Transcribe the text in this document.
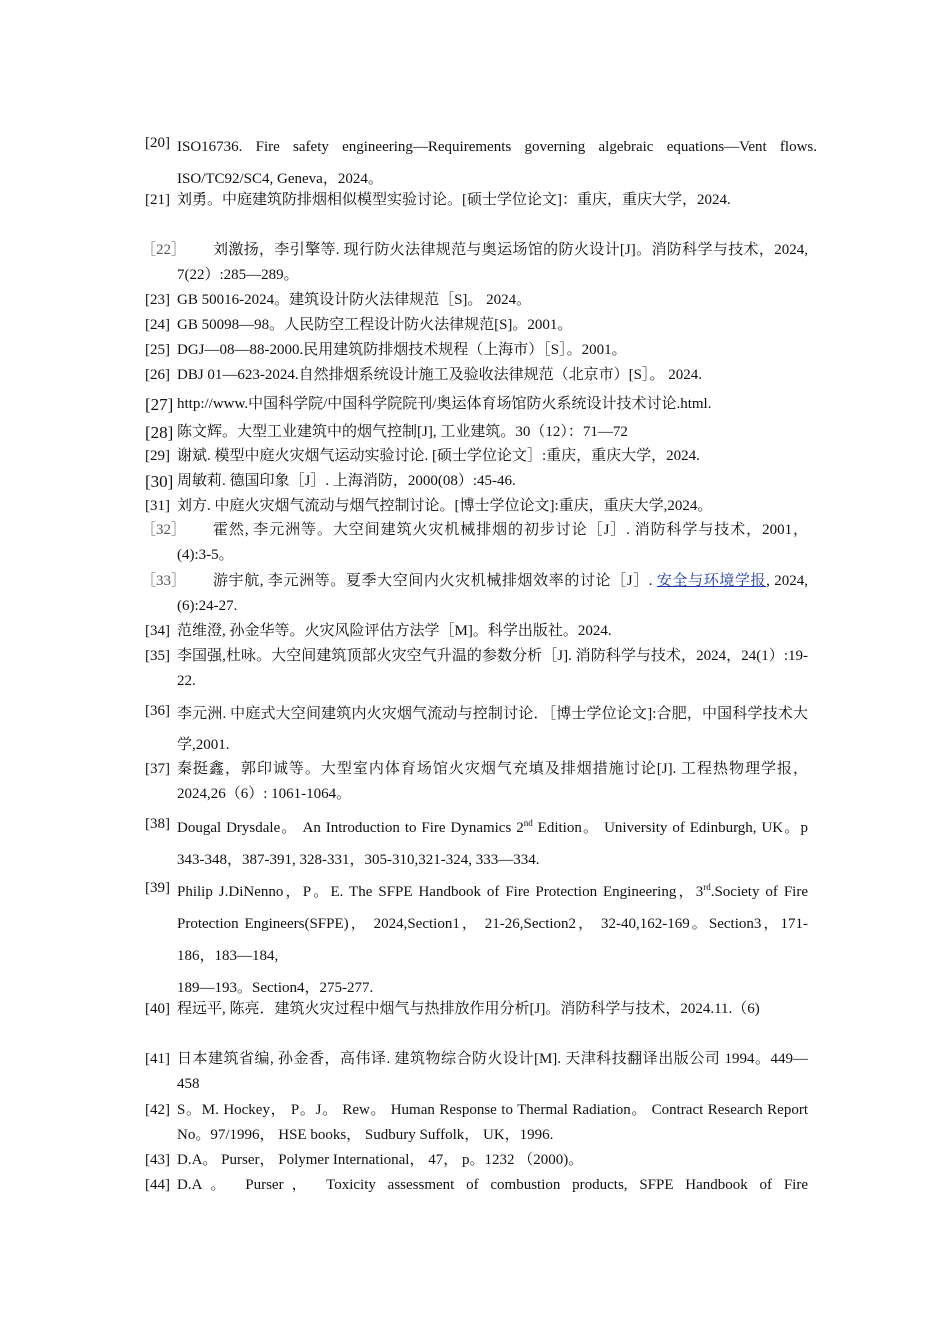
[20] ISO16736. Fire safety engineering—Requirements governing algebraic equations—Vent flows. ISO/TC92/SC4, Geneva，2024。
[21] 刘勇。中庭建筑防排烟相似模型实验讨论。[硕士学位论文]：重庆，重庆大学，2024.
［22］	刘激扬，李引擎等. 现行防火法律规范与奥运场馆的防火设计[J]。消防科学与技术，2024, 7(22）:285—289。
[23] GB 50016-2024。建筑设计防火法律规范［S]。 2024。
[24] GB 50098—98。人民防空工程设计防火法律规范[S]。2001。
[25] DGJ—08—88-2000.民用建筑防排烟技术规程（上海市）［S］。2001。
[26] DBJ 01—623-2024.自然排烟系统设计施工及验收法律规范（北京市）[S］。 2024.
[27] http://www.中国科学院/中国科学院院刊/奥运体育场馆防火系统设计技术讨论.html.
[28] 陈文辉。大型工业建筑中的烟气控制[J], 工业建筑。30（12）：71—72
[29] 谢斌. 模型中庭火灾烟气运动实验讨论. [硕士学位论文］:重庆，重庆大学，2024.
[30] 周敏莉. 德国印象［J］. 上海消防，2000(08）:45-46.
[31] 刘方. 中庭火灾烟气流动与烟气控制讨论。[博士学位论文]:重庆，重庆大学,2024。
［32］	霍然, 李元洲等。大空间建筑火灾机械排烟的初步讨论［J］. 消防科学与技术，2001， (4):3-5。
［33］	游宇航, 李元洲等。夏季大空间内火灾机械排烟效率的讨论［J］. 安全与环境学报, 2024, (6):24-27.
[34] 范维澄, 孙金华等。火灾风险评估方法学［M]。科学出版社。2024.
[35] 李国强,杜咏。大空间建筑顶部火灾空气升温的参数分析［J]. 消防科学与技术，2024，24(1）:19-22.
[36] 李元洲. 中庭式大空间建筑内火灾烟气流动与控制讨论．［博士学位论文]:合肥，中国科学技术大学,2001.
[37] 秦挺鑫，郭印诚等。大型室内体育场馆火灾烟气充填及排烟措施讨论[J]. 工程热物理学报，2024,26（6）: 1061-1064。
[38] Dougal Drysdale。 An Introduction to Fire Dynamics 2nd Edition。 University of Edinburgh, UK。p 343-348，387-391, 328-331，305-310,321-324, 333—334.
[39] Philip J.DiNenno，P。E. The SFPE Handbook of Fire Protection Engineering，3rd.Society of Fire Protection Engineers(SFPE)， 2024,Section1， 21-26,Section2， 32-40,162-169。Section3，171-186，183—184,
189—193。Section4，275-277.
[40] 程远平, 陈亮．建筑火灾过程中烟气与热排放作用分析[J]。消防科学与技术，2024.11.（6)
[41] 日本建筑省编, 孙金香，高伟译. 建筑物综合防火设计[M]. 天津科技翻译出版公司 1994。449—458
[42] S。M. Hockey， P。J。 Rew。 Human Response to Thermal Radiation。 Contract Research Report No。97/1996， HSE books， Sudbury Suffolk， UK，1996.
[43] D.A。 Purser， Polymer International， 47， p。1232 （2000)。
[44] D.A。 Purser， Toxicity assessment of combustion products, SFPE Handbook of Fire
